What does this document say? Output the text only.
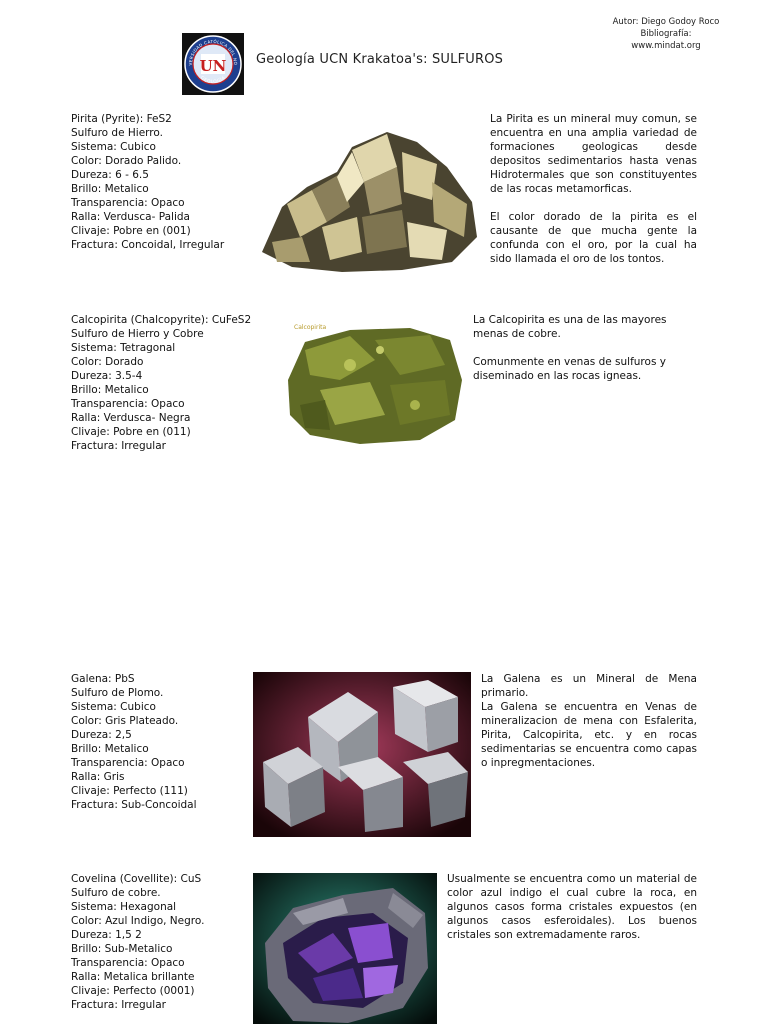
Autor: Diego Godoy Roco
Bibliografía:
www.mindat.org
VERSIDAD CATÓLICA DEL NO
GEOLOGÍA
UN Geología UCN Krakatoa's: SULFUROS
Pirita (Pyrite): FeS2
Sulfuro de Hierro.
Sistema: Cubico
Color: Dorado Palido.
Dureza: 6 - 6.5
Brillo: Metalico
Transparencia: Opaco
Ralla: Verdusca- Palida
Clivaje: Pobre en (001)
Fractura: Concoidal, Irregular

La Pirita es un mineral muy comun, se encuentra en una amplia variedad de formaciones geologicas desde depositos sedimentarios hasta venas Hidrotermales que son constituyentes de las rocas metamorficas.

El color dorado de la pirita es el causante de que mucha gente la confunda con el oro, por la cual ha sido llamada el oro de los tontos.

Calcopirita (Chalcopyrite): CuFeS2
Sulfuro de Hierro y Cobre
Sistema: Tetragonal
Color: Dorado
Dureza: 3.5-4
Brillo: Metalico
Transparencia: Opaco
Ralla: Verdusca- Negra
Clivaje: Pobre en (011)
Fractura: Irregular
Calcopirita

La Calcopirita es una de las mayores menas de cobre.

Comunmente en venas de sulfuros y diseminado en las rocas igneas.

Galena: PbS
Sulfuro de Plomo.
Sistema: Cubico
Color: Gris Plateado.
Dureza: 2,5
Brillo: Metalico
Transparencia: Opaco
Ralla: Gris
Clivaje: Perfecto (111)
Fractura: Sub-Concoidal

La Galena es un Mineral de Mena primario.

La Galena se encuentra en Venas de mineralizacion de mena con Esfalerita, Pirita, Calcopirita, etc. y en rocas sedimentarias se encuentra como capas o inpregmentaciones.

Covelina (Covellite): CuS
Sulfuro de cobre.
Sistema: Hexagonal
Color: Azul Indigo, Negro.
Dureza: 1,5 2
Brillo: Sub-Metalico
Transparencia: Opaco
Ralla: Metalica brillante
Clivaje: Perfecto (0001)
Fractura: Irregular

Usualmente se encuentra como un material de color azul indigo el cual cubre la roca, en algunos casos forma cristales expuestos (en algunos casos esferoidales). Los buenos cristales son extremadamente raros.
